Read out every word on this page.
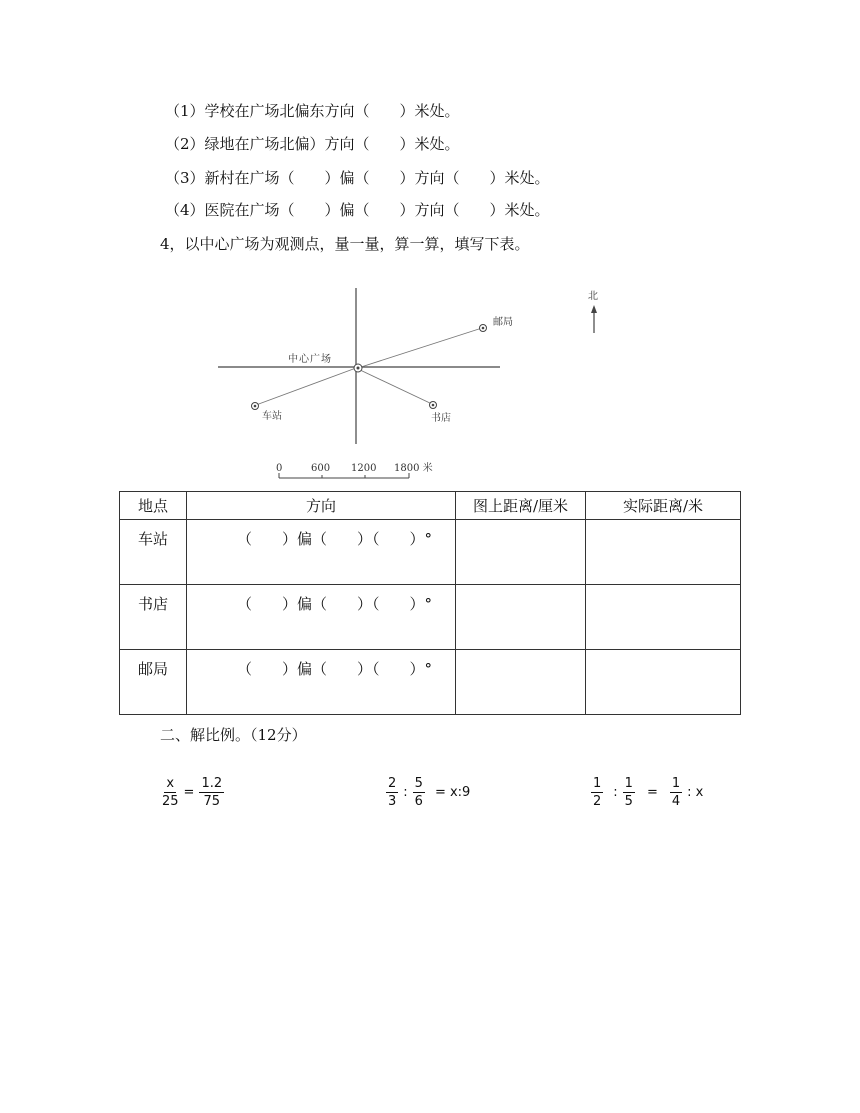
（1）学校在广场北偏东方向（　　）米处。
（2）绿地在广场北偏）方向（　　）米处。
（3）新村在广场（　　）偏（　　）方向（　　）米处。
（4）医院在广场（　　）偏（　　）方向（　　）米处。
4，以中心广场为观测点，量一量，算一算，填写下表。
中心广场
邮局
车站	书店
北
0	600 1200 1800 米
地点	方向	图上距离/厘米	实际距离/米
车站	（　　）偏（　　）（　　）°		

书店	（　　）偏（　　）（　　）°		

邮局	（　　）偏（　　）（　　）°		

二、解比例。（12分）
$\frac{x}{25} = \frac{1.2}{75}$	$\frac{2}{3}$ : $\frac{5}{6}$ = x:9	$\frac{1}{2}$ : $\frac{1}{5} = \frac{1}{4}$ : x
